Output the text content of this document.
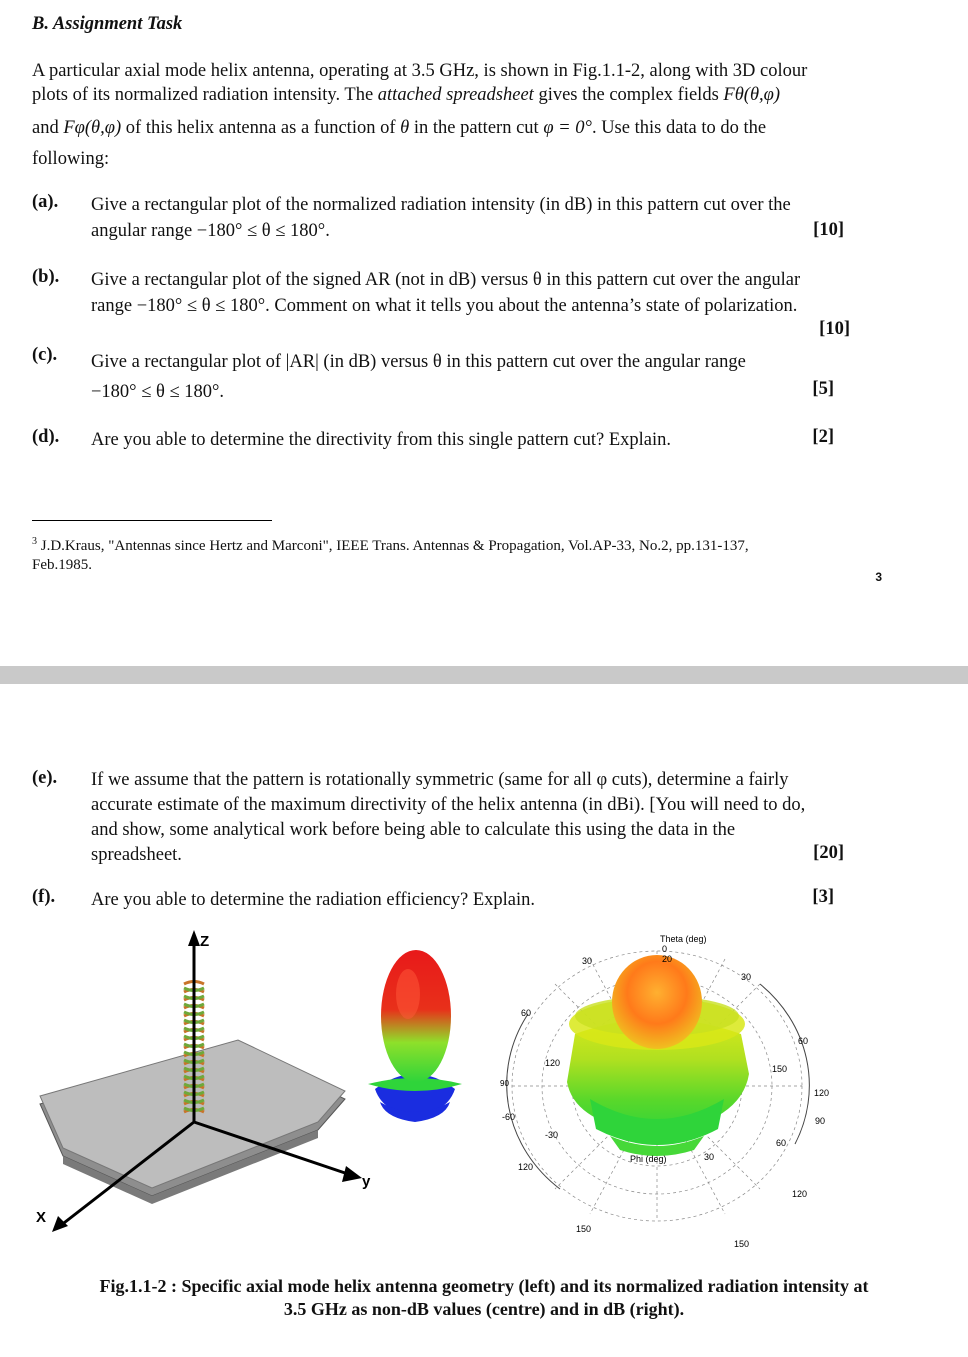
B. Assignment Task
A particular axial mode helix antenna, operating at 3.5 GHz, is shown in Fig.1.1-2, along with 3D colour
plots of its normalized radiation intensity. The attached spreadsheet gives the complex fields Fθ(θ,φ)
and Fφ(θ,φ) of this helix antenna as a function of θ in the pattern cut φ = 0°. Use this data to do the
following:
(a). Give a rectangular plot of the normalized radiation intensity (in dB) in this pattern cut over the
angular range −180° ≤ θ ≤ 180°.	[10]
(b). Give a rectangular plot of the signed AR (not in dB) versus θ in this pattern cut over the angular
range −180° ≤ θ ≤ 180°. Comment on what it tells you about the antenna’s state of polarization.
[10]
(c). Give a rectangular plot of |AR| (in dB) versus θ in this pattern cut over the angular range
−180° ≤ θ ≤ 180°.	[5]
(d). Are you able to determine the directivity from this single pattern cut? Explain.	[2]
$^3$ J.D.Kraus, "Antennas since Hertz and Marconi", IEEE Trans. Antennas & Propagation, Vol.AP-33, No.2, pp.131-137,
Feb.1985.
3
(e). If we assume that the pattern is rotationally symmetric (same for all φ cuts), determine a fairly
accurate estimate of the maximum directivity of the helix antenna (in dBi). [You will need to do,
and show, some analytical work before being able to calculate this using the data in the
spreadsheet.	[20]
(f). Are you able to determine the radiation efficiency? Explain.	[3]
Z
y
X
Theta (deg)
0
20
30
30
60
60
120
120
120
120
150
150
150
90
90
-60
-30
60
30
Phi (deg)
Fig.1.1-2 : Specific axial mode helix antenna geometry (left) and its normalized radiation intensity at
3.5 GHz as non-dB values (centre) and in dB (right).
